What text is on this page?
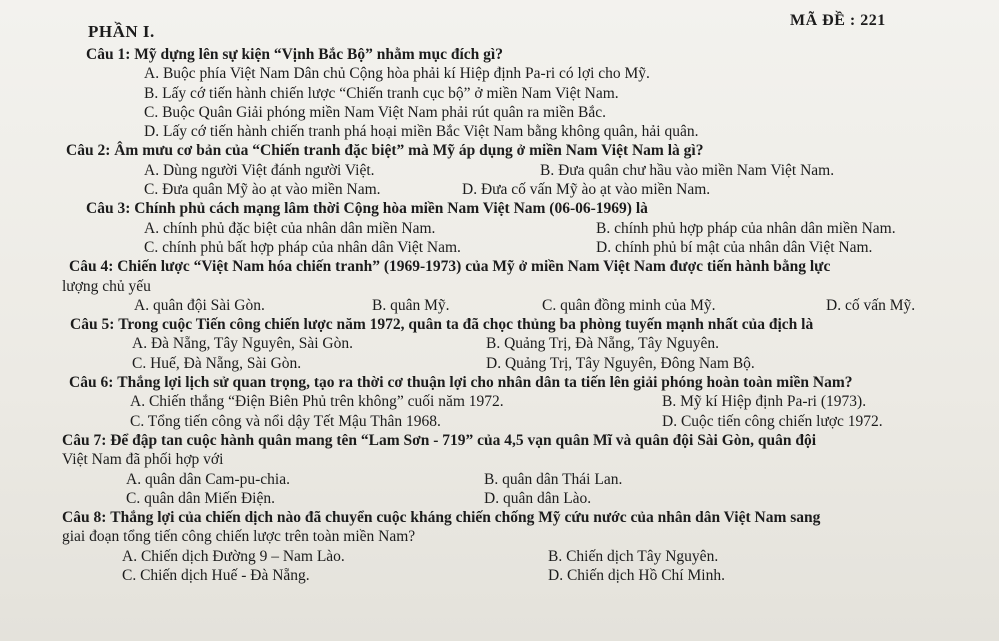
PHẦN I.
MÃ ĐỀ : 221
Câu 1: Mỹ dựng lên sự kiện “Vịnh Bắc Bộ” nhằm mục đích gì?
A. Buộc phía Việt Nam Dân chủ Cộng hòa phải kí Hiệp định Pa-ri có lợi cho Mỹ.
B. Lấy cớ tiến hành chiến lược “Chiến tranh cục bộ” ở miền Nam Việt Nam.
C. Buộc Quân Giải phóng miền Nam Việt Nam phải rút quân ra miền Bắc.
D. Lấy cớ tiến hành chiến tranh phá hoại miền Bắc Việt Nam bằng không quân, hải quân.
Câu 2: Âm mưu cơ bản của “Chiến tranh đặc biệt” mà Mỹ áp dụng ở miền Nam Việt Nam là gì?
A. Dùng người Việt đánh người Việt.	B. Đưa quân chư hầu vào miền Nam Việt Nam.
C. Đưa quân Mỹ ào ạt vào miền Nam.	D. Đưa cố vấn Mỹ ào ạt vào miền Nam.
Câu 3: Chính phủ cách mạng lâm thời Cộng hòa miền Nam Việt Nam (06-06-1969) là
A. chính phủ đặc biệt của nhân dân miền Nam.	B. chính phủ hợp pháp của nhân dân miền Nam.
C. chính phủ bất hợp pháp của nhân dân Việt Nam.	D. chính phủ bí mật của nhân dân Việt Nam.
Câu 4: Chiến lược “Việt Nam hóa chiến tranh” (1969-1973) của Mỹ ở miền Nam Việt Nam được tiến hành bằng lực
lượng chủ yếu
A. quân đội Sài Gòn.	B. quân Mỹ.	C. quân đồng minh của Mỹ.	D. cố vấn Mỹ.
Câu 5: Trong cuộc Tiến công chiến lược năm 1972, quân ta đã chọc thủng ba phòng tuyến mạnh nhất của địch là
A. Đà Nẵng, Tây Nguyên, Sài Gòn.	B. Quảng Trị, Đà Nẵng, Tây Nguyên.
C. Huế, Đà Nẵng, Sài Gòn.	D. Quảng Trị, Tây Nguyên, Đông Nam Bộ.
Câu 6: Thắng lợi lịch sử quan trọng, tạo ra thời cơ thuận lợi cho nhân dân ta tiến lên giải phóng hoàn toàn miền Nam?
A. Chiến thắng “Điện Biên Phủ trên không” cuối năm 1972.	B. Mỹ kí Hiệp định Pa-ri (1973).
C. Tổng tiến công và nổi dậy Tết Mậu Thân 1968.	D. Cuộc tiến công chiến lược 1972.
Câu 7: Để đập tan cuộc hành quân mang tên “Lam Sơn - 719” của 4,5 vạn quân Mĩ và quân đội Sài Gòn, quân đội
Việt Nam đã phối hợp với
A. quân dân Cam-pu-chia.	B. quân dân Thái Lan.
C. quân dân Miến Điện.	D. quân dân Lào.
Câu 8: Thắng lợi của chiến dịch nào đã chuyển cuộc kháng chiến chống Mỹ cứu nước của nhân dân Việt Nam sang
giai đoạn tổng tiến công chiến lược trên toàn miền Nam?
A. Chiến dịch Đường 9 – Nam Lào.	B. Chiến dịch Tây Nguyên.
C. Chiến dịch Huế - Đà Nẵng.	D. Chiến dịch Hồ Chí Minh.
